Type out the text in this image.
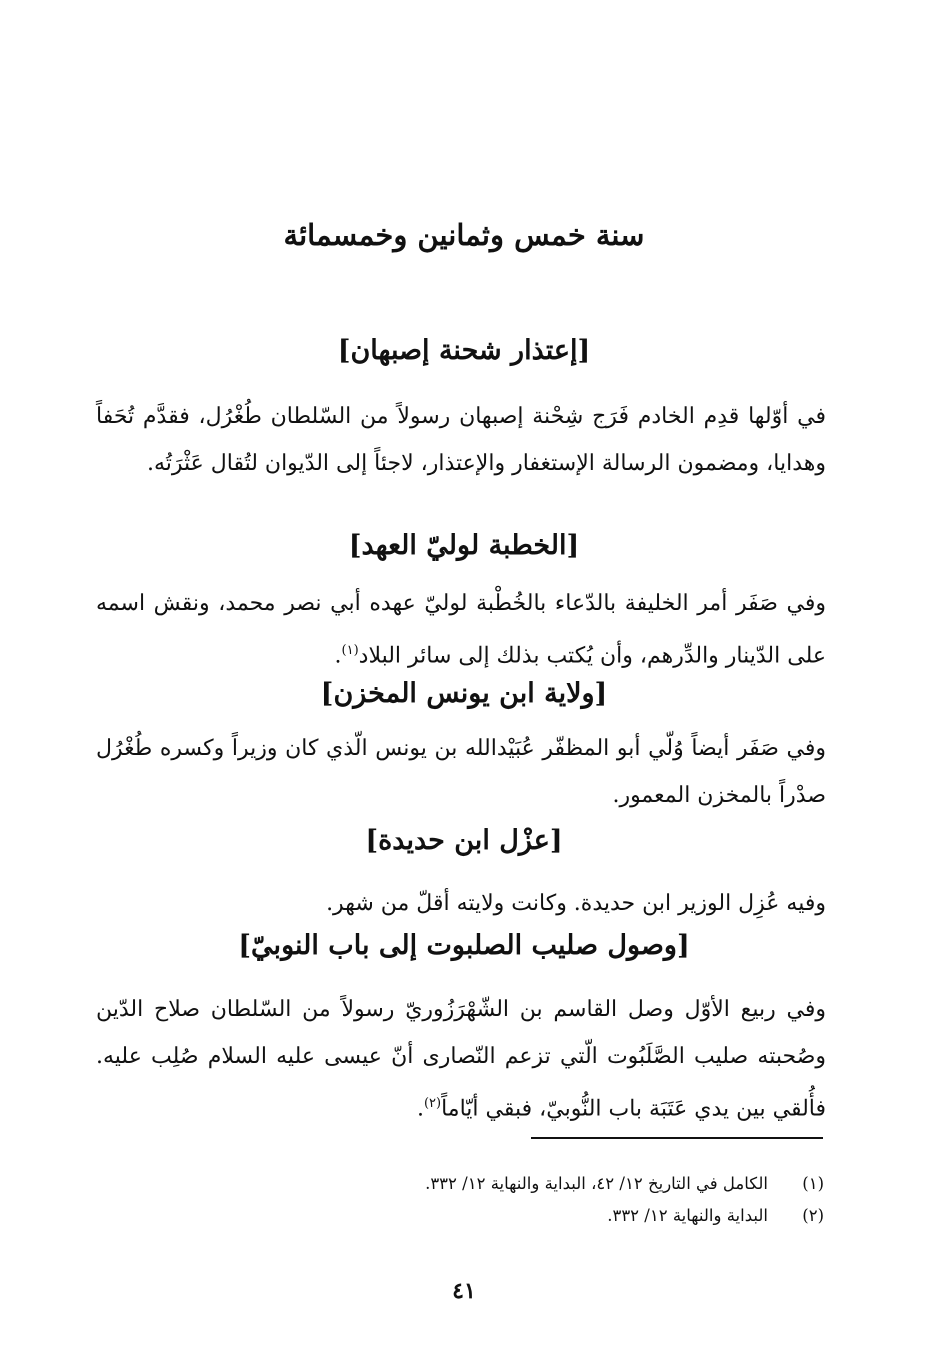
سنة خمس وثمانين وخمسمائة
[إعتذار شحنة إصبهان]
في أوّلها قدِم الخادم فَرَج شِحْنة إصبهان رسولاً من السّلطان طُغْرُل، فقدَّم تُحَفاً وهدايا، ومضمون الرسالة الإستغفار والإعتذار، لاجئاً إلى الدّيوان لتُقال عَثْرَتُه.
[الخطبة لوليّ العهد]
وفي صَفَر أمر الخليفة بالدّعاء بالخُطْبة لوليّ عهده أبي نصر محمد، ونقش اسمه على الدّينار والدِّرهم، وأن يُكتب بذلك إلى سائر البلاد$^{(١)}$.
[ولاية ابن يونس المخزن]
وفي صَفَر أيضاً وُلّي أبو المظفّر عُبَيْدالله بن يونس الّذي كان وزيراً وكسره طُغْرُل صدْراً بالمخزن المعمور.
[عزْل ابن حديدة]
وفيه عُزِل الوزير ابن حديدة. وكانت ولايته أقلّ من شهر.
[وصول صليب الصلبوت إلى باب النوبيّ]
وفي ربيع الأوّل وصل القاسم بن الشّهْرَزُوريّ رسولاً من السّلطان صلاح الدّين وصُحبته صليب الصَّلَبُوت الّتي تزعم النّصارى أنّ عيسى عليه السلام صُلِب عليه. فأُلقي بين يدي عَتَبَة باب النُّوبيّ، فبقي أيّاماً$^{(٢)}$.
(١)الكامل في التاريخ ١٢/ ٤٢، البداية والنهاية ١٢/ ٣٣٢.
(٢)البداية والنهاية ١٢/ ٣٣٢.
٤١
